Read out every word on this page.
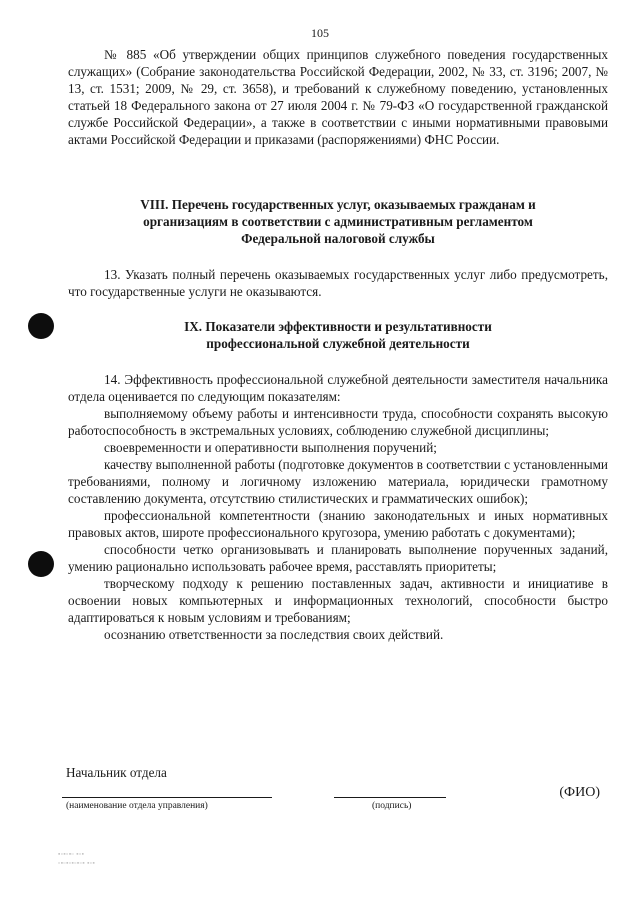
105

№ 885 «Об утверждении общих принципов служебного поведения государственных служащих» (Собрание законодательства Российской Федерации, 2002, № 33, ст. 3196; 2007, № 13, ст. 1531; 2009, № 29, ст. 3658), и требований к служебному поведению, установленных статьей 18 Федерального закона от 27 июля 2004 г. № 79-ФЗ «О государственной гражданской службе Российской Федерации», а также в соответствии с иными нормативными правовыми актами Российской Федерации и приказами (распоряжениями) ФНС России.

VIII. Перечень государственных услуг, оказываемых гражданам и
организациям в соответствии с административным регламентом
Федеральной налоговой службы

13. Указать полный перечень оказываемых государственных услуг либо предусмотреть, что государственные услуги не оказываются.

IX. Показатели эффективности и результативности
профессиональной служебной деятельности

14. Эффективность профессиональной служебной деятельности заместителя начальника отдела оценивается по следующим показателям:

выполняемому объему работы и интенсивности труда, способности сохранять высокую работоспособность в экстремальных условиях, соблюдению служебной дисциплины;

своевременности и оперативности выполнения поручений;

качеству выполненной работы (подготовке документов в соответствии с установленными требованиями, полному и логичному изложению материала, юридически грамотному составлению документа, отсутствию стилистических и грамматических ошибок);

профессиональной компетентности (знанию законодательных и иных нормативных правовых актов, широте профессионального кругозора, умению работать с документами);

способности четко организовывать и планировать выполнение порученных заданий, умению рационально использовать рабочее время, расставлять приоритеты;

творческому подходу к решению поставленных задач, активности и инициативе в освоении новых компьютерных и информационных технологий, способности быстро адаптироваться к новым условиям и требованиям;

осознанию ответственности за последствия своих действий.

Начальник отдела
(наименование отдела управления)	(подпись)
(ФИО)
▪▫▪▫▪▫ ▪▫▪
▫▪▫▪▫▪▫▪▫▪ ▪▫▪
